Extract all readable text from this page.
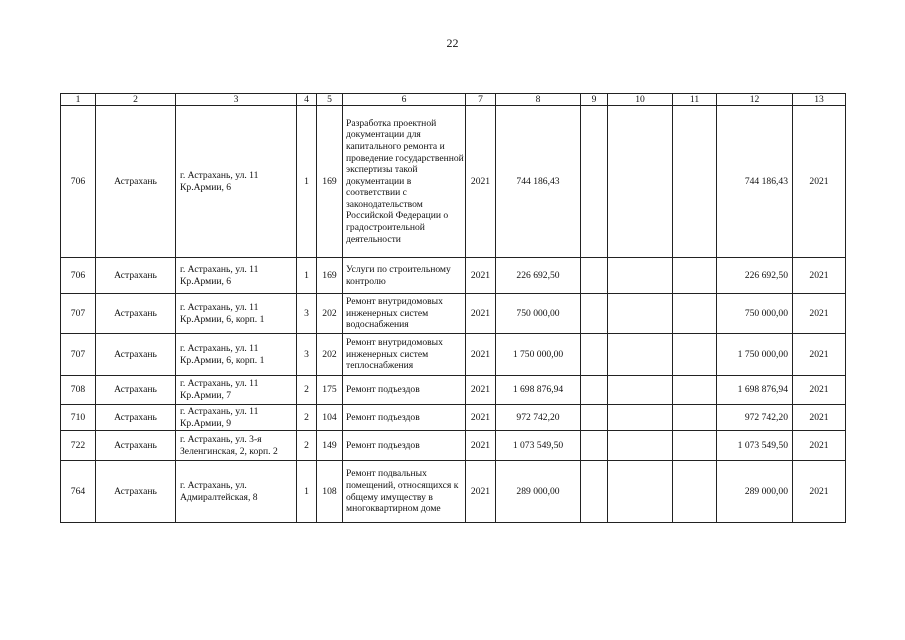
22
1	2	3	4	5	6	7	8	9	10	11	12	13
706	Астрахань	г. Астрахань, ул. 11 Кр.Армии, 6	1	169	Разработка проектной документации для капитального ремонта и проведение государственной экспертизы такой документации в соответствии с законодательством Российской Федерации о градостроительной деятельности	2021	744 186,43				744 186,43	2021
706	Астрахань	г. Астрахань, ул. 11 Кр.Армии, 6	1	169	Услуги по строительному контролю	2021	226 692,50				226 692,50	2021
707	Астрахань	г. Астрахань, ул. 11 Кр.Армии, 6, корп. 1	3	202	Ремонт внутридомовых инженерных систем водоснабжения	2021	750 000,00				750 000,00	2021
707	Астрахань	г. Астрахань, ул. 11 Кр.Армии, 6, корп. 1	3	202	Ремонт внутридомовых инженерных систем теплоснабжения	2021	1 750 000,00				1 750 000,00	2021
708	Астрахань	г. Астрахань, ул. 11 Кр.Армии, 7	2	175	Ремонт подъездов	2021	1 698 876,94				1 698 876,94	2021
710	Астрахань	г. Астрахань, ул. 11 Кр.Армии, 9	2	104	Ремонт подъездов	2021	972 742,20				972 742,20	2021
722	Астрахань	г. Астрахань, ул. 3-я Зеленгинская, 2, корп. 2	2	149	Ремонт подъездов	2021	1 073 549,50				1 073 549,50	2021
764	Астрахань	г. Астрахань, ул. Адмиралтейская, 8	1	108	Ремонт подвальных помещений, относящихся к общему имуществу в многоквартирном доме	2021	289 000,00				289 000,00	2021
